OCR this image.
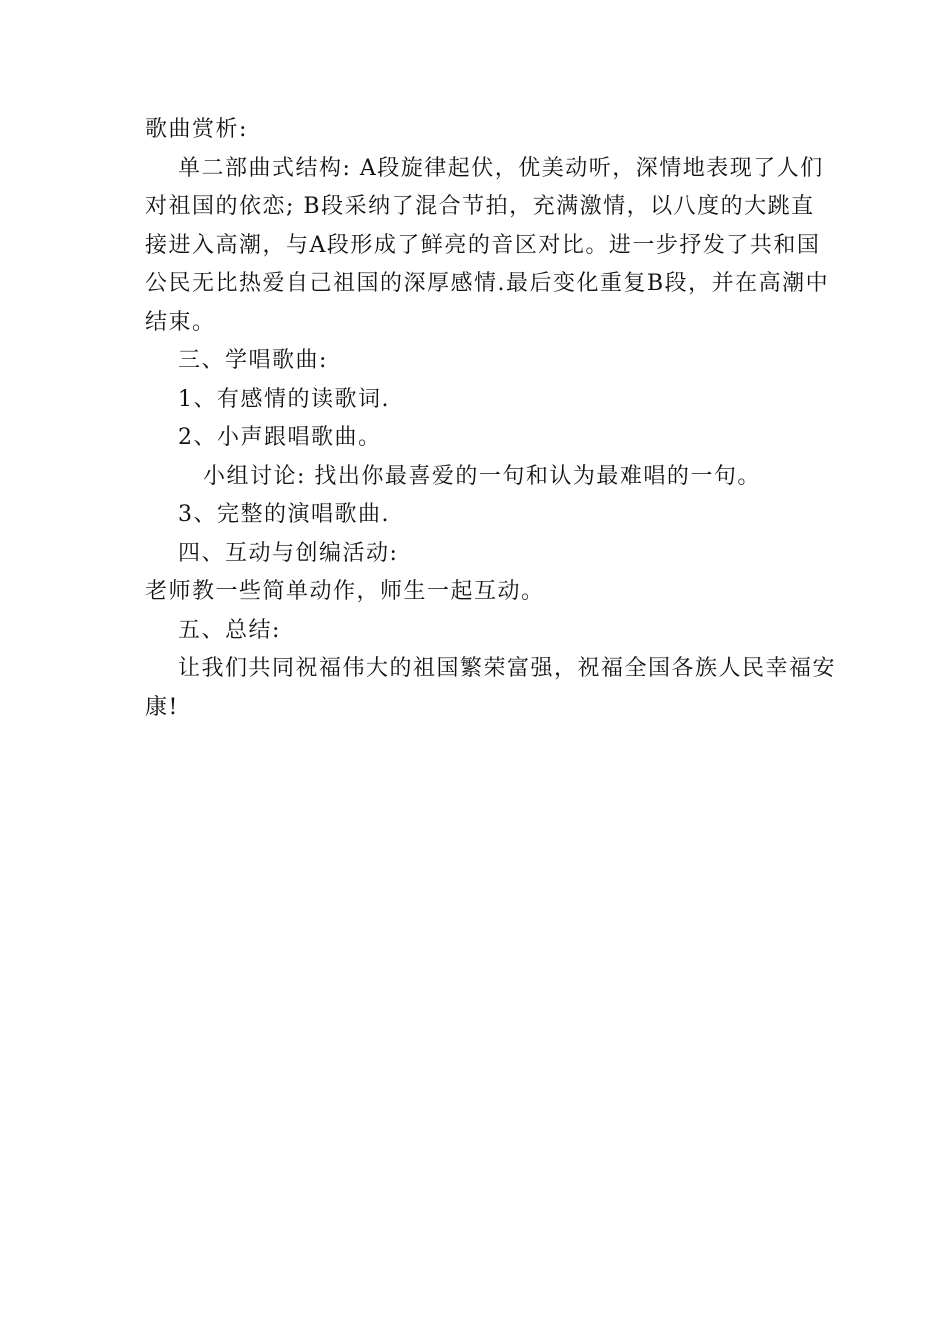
歌曲赏析:
单二部曲式结构: A段旋律起伏，优美动听，深情地表现了人们
对祖国的依恋; B段采纳了混合节拍，充满激情，以八度的大跳直
接进入高潮，与A段形成了鲜亮的音区对比。进一步抒发了共和国
公民无比热爱自己祖国的深厚感情.最后变化重复B段，并在高潮中
结束。
三、学唱歌曲:
1、有感情的读歌词.
2、小声跟唱歌曲。
小组讨论: 找出你最喜爱的一句和认为最难唱的一句。
3、完整的演唱歌曲.
四、互动与创编活动:
老师教一些简单动作，师生一起互动。
五、总结:
让我们共同祝福伟大的祖国繁荣富强，祝福全国各族人民幸福安
康!
